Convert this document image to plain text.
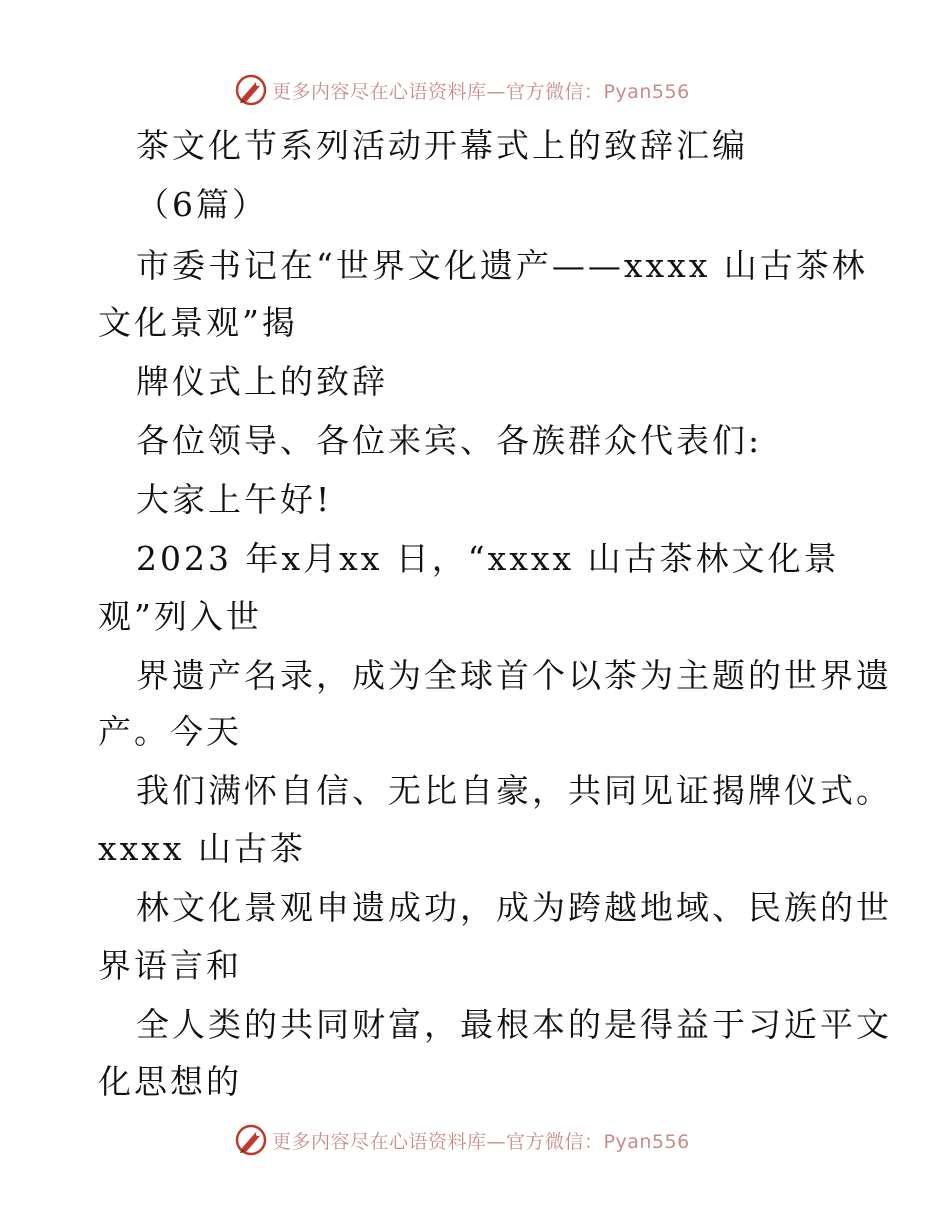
更多内容尽在心语资料库—官方微信：Pyan556
茶文化节系列活动开幕式上的致辞汇编
（6篇）
市委书记在“世界文化遗产——xxxx 山古茶林
文化景观”揭
牌仪式上的致辞
各位领导、各位来宾、各族群众代表们:
大家上午好!
2023 年x月xx 日，“xxxx 山古茶林文化景
观”列入世
界遗产名录，成为全球首个以茶为主题的世界遗
产。今天
我们满怀自信、无比自豪，共同见证揭牌仪式。
xxxx 山古茶
林文化景观申遗成功，成为跨越地域、民族的世
界语言和
全人类的共同财富，最根本的是得益于习近平文
化思想的
更多内容尽在心语资料库—官方微信：Pyan556
